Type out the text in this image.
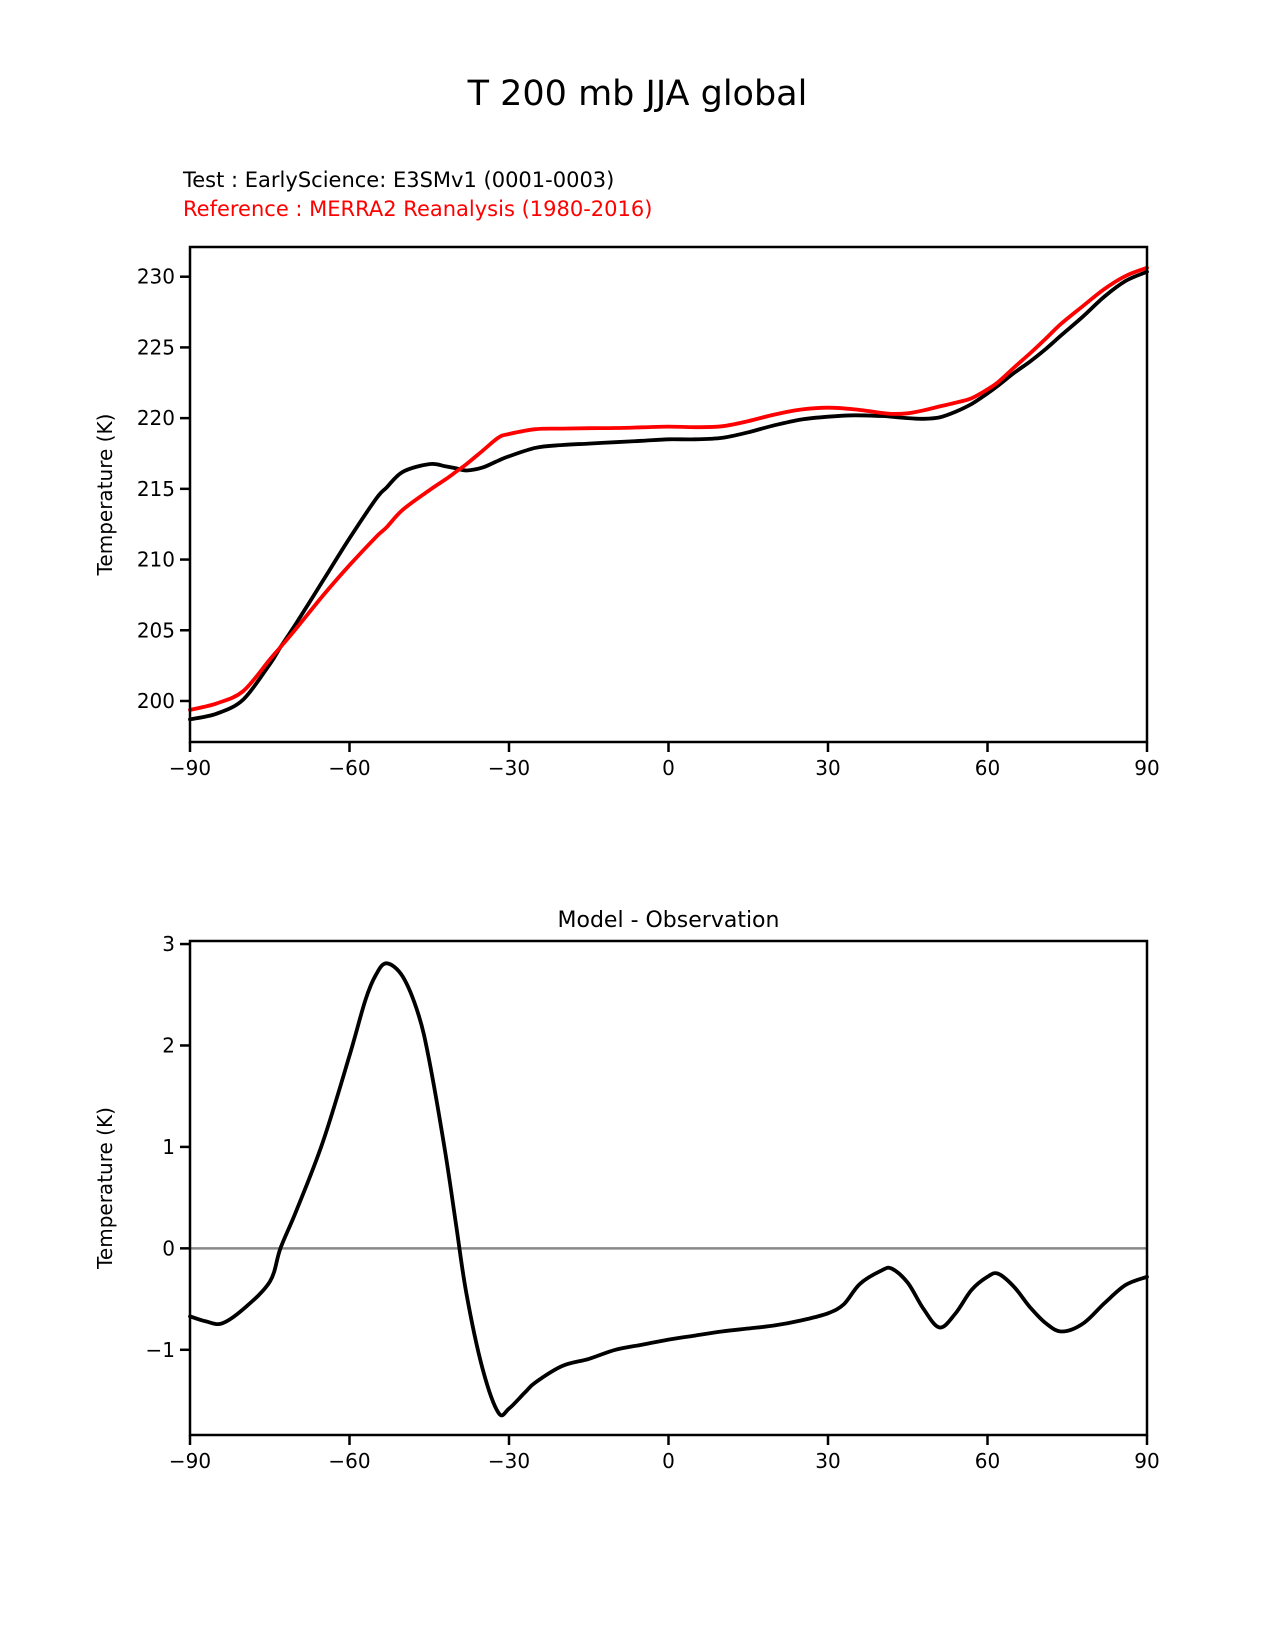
T 200 mb JJA global
Test : EarlyScience: E3SMv1 (0001-0003)
Reference : MERRA2 Reanalysis (1980-2016)
−90	−60	−30	0	30	60	90
200
205
210
215
220
225
230
Temperature (K)
−90	−60	−30	0	30	60	90
−1
0
1
2
3
Temperature (K)
Model - Observation
